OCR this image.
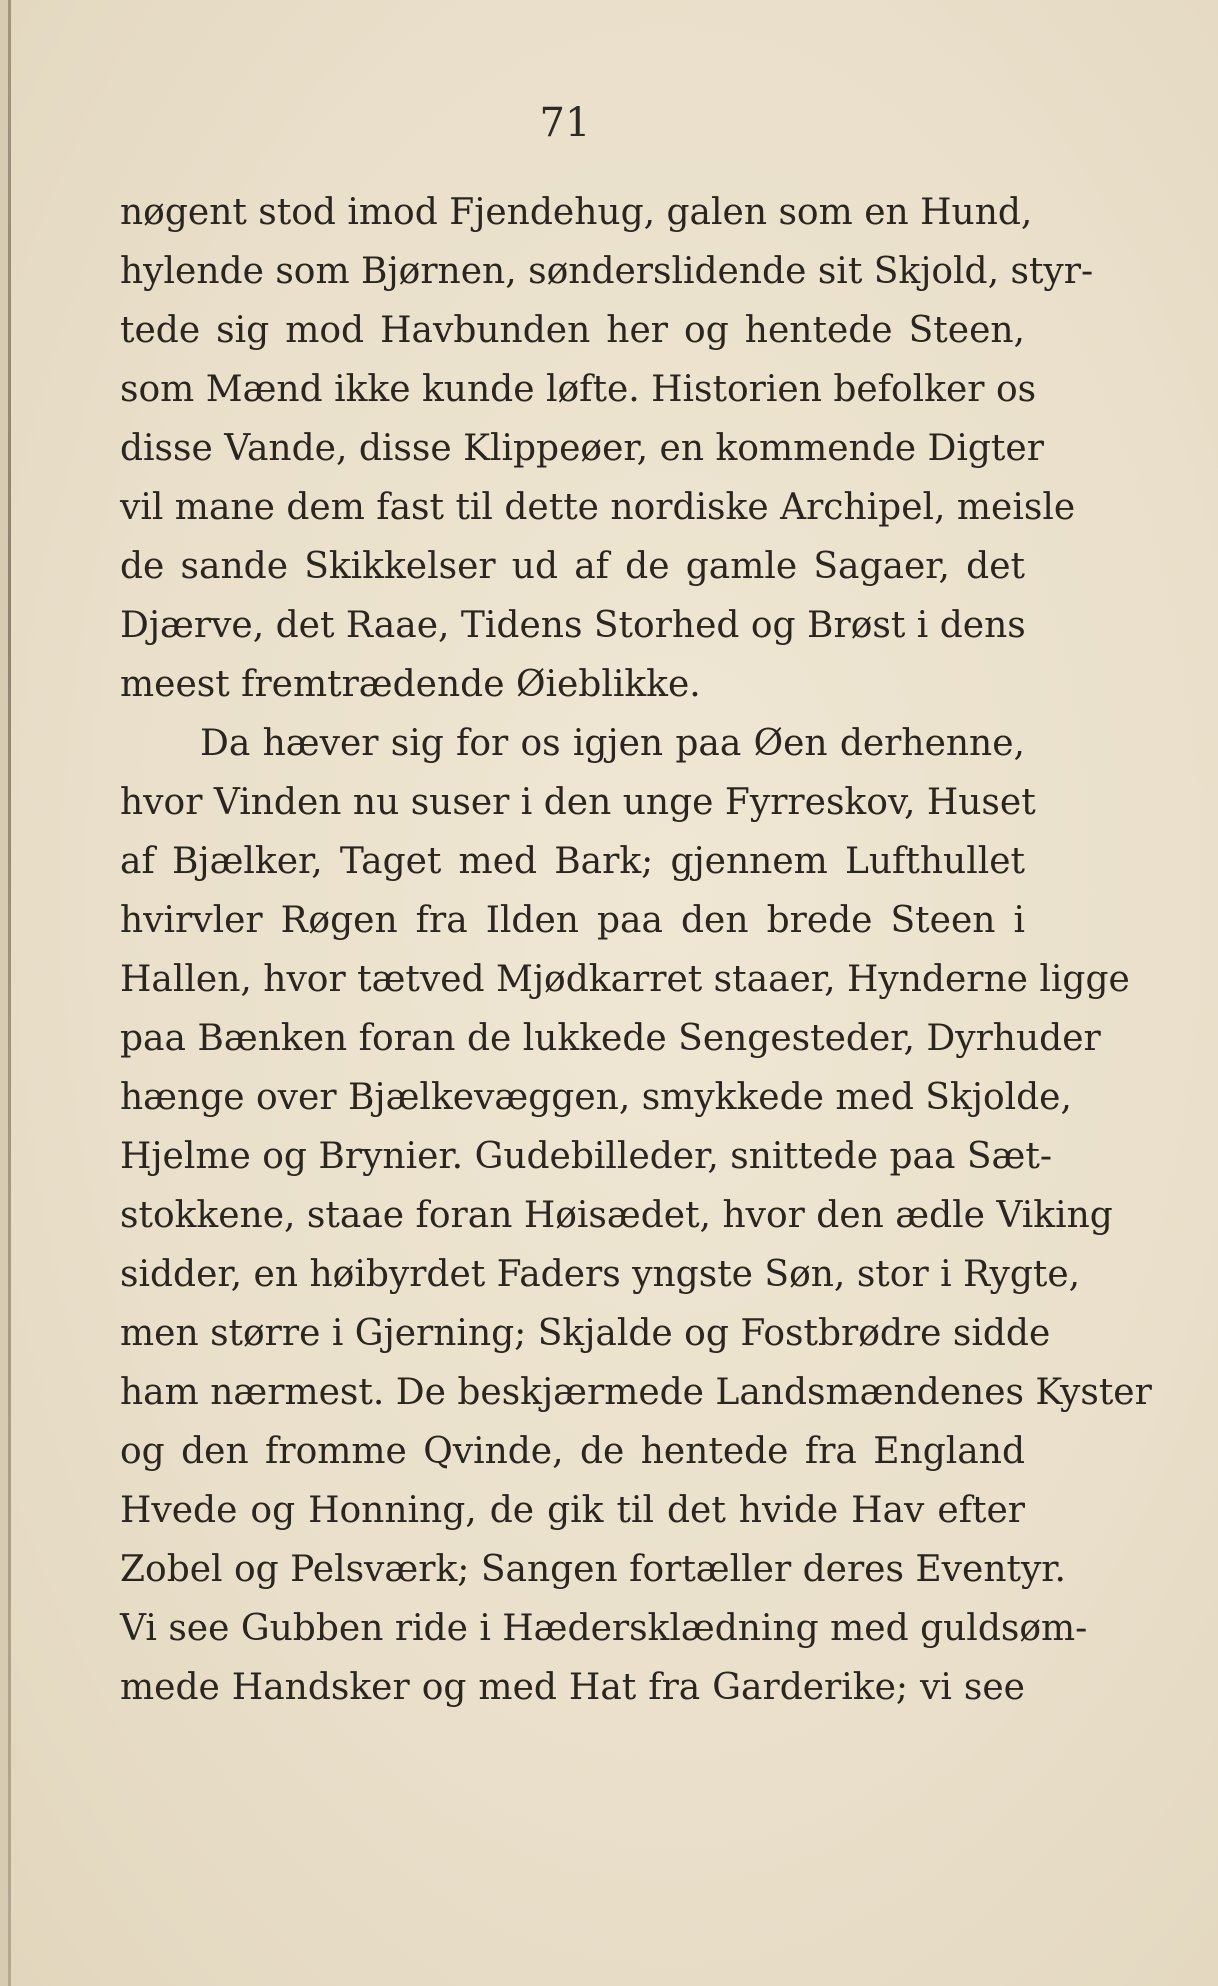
71
nøgent stod imod Fjendehug, galen som en Hund,
hylende som Bjørnen, sønderslidende sit Skjold, styr-
tede sig mod Havbunden her og hentede Steen,
som Mænd ikke kunde løfte. Historien befolker os
disse Vande, disse Klippeøer, en kommende Digter
vil mane dem fast til dette nordiske Archipel, meisle
de sande Skikkelser ud af de gamle Sagaer, det
Djærve, det Raae, Tidens Storhed og Brøst i dens
meest fremtrædende Øieblikke.
Da hæver sig for os igjen paa Øen derhenne,
hvor Vinden nu suser i den unge Fyrreskov, Huset
af Bjælker, Taget med Bark; gjennem Lufthullet
hvirvler Røgen fra Ilden paa den brede Steen i
Hallen, hvor tætved Mjødkarret staaer, Hynderne ligge
paa Bænken foran de lukkede Sengesteder, Dyrhuder
hænge over Bjælkevæggen, smykkede med Skjolde,
Hjelme og Brynier. Gudebilleder, snittede paa Sæt-
stokkene, staae foran Høisædet, hvor den ædle Viking
sidder, en høibyrdet Faders yngste Søn, stor i Rygte,
men større i Gjerning; Skjalde og Fostbrødre sidde
ham nærmest. De beskjærmede Landsmændenes Kyster
og den fromme Qvinde, de hentede fra England
Hvede og Honning, de gik til det hvide Hav efter
Zobel og Pelsværk; Sangen fortæller deres Eventyr.
Vi see Gubben ride i Hædersklædning med guldsøm-
mede Handsker og med Hat fra Garderike; vi see
